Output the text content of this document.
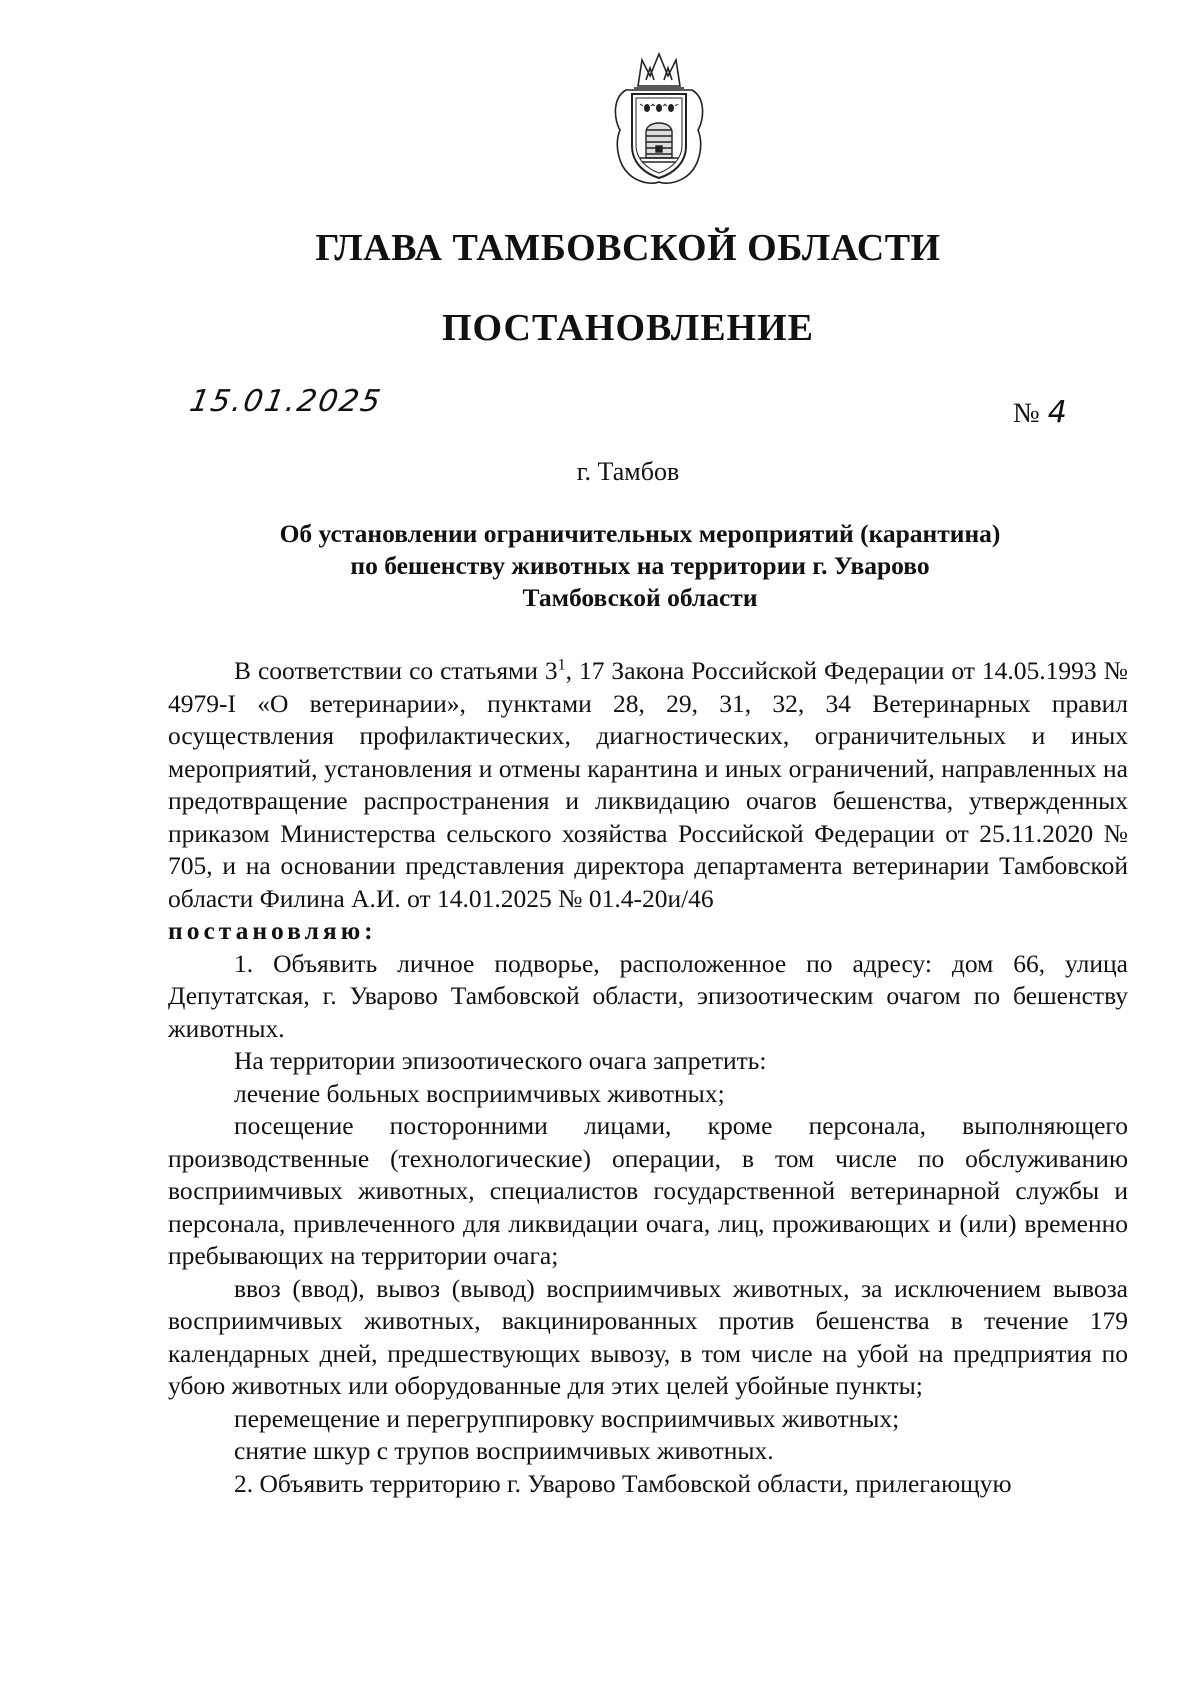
ГЛАВА ТАМБОВСКОЙ ОБЛАСТИ
ПОСТАНОВЛЕНИЕ
15.01.2025	№ 4
г. Тамбов
Об установлении ограничительных мероприятий (карантина)
по бешенству животных на территории г. Уварово
Тамбовской области

В соответствии со статьями $3^1$, 17 Закона Российской Федерации от 14.05.1993 № 4979-I «О ветеринарии», пунктами 28, 29, 31, 32, 34 Ветеринарных правил осуществления профилактических, диагностических, ограничительных и иных мероприятий, установления и отмены карантина и иных ограничений, направленных на предотвращение распространения и ликвидацию очагов бешенства, утвержденных приказом Министерства сельского хозяйства Российской Федерации от 25.11.2020 № 705, и на основании представления директора департамента ветеринарии Тамбовской области Филина А.И. от 14.01.2025 № 01.4-20и/46

постановляю:

1. Объявить личное подворье, расположенное по адресу: дом 66, улица Депутатская, г. Уварово Тамбовской области, эпизоотическим очагом по бешенству животных.

На территории эпизоотического очага запретить:

лечение больных восприимчивых животных;

посещение посторонними лицами, кроме персонала, выполняющего производственные (технологические) операции, в том числе по обслуживанию восприимчивых животных, специалистов государственной ветеринарной службы и персонала, привлеченного для ликвидации очага, лиц, проживающих и (или) временно пребывающих на территории очага;

ввоз (ввод), вывоз (вывод) восприимчивых животных, за исключением вывоза восприимчивых животных, вакцинированных против бешенства в течение 179 календарных дней, предшествующих вывозу, в том числе на убой на предприятия по убою животных или оборудованные для этих целей убойные пункты;

перемещение и перегруппировку восприимчивых животных;

снятие шкур с трупов восприимчивых животных.

2. Объявить территорию г. Уварово Тамбовской области, прилегающую
